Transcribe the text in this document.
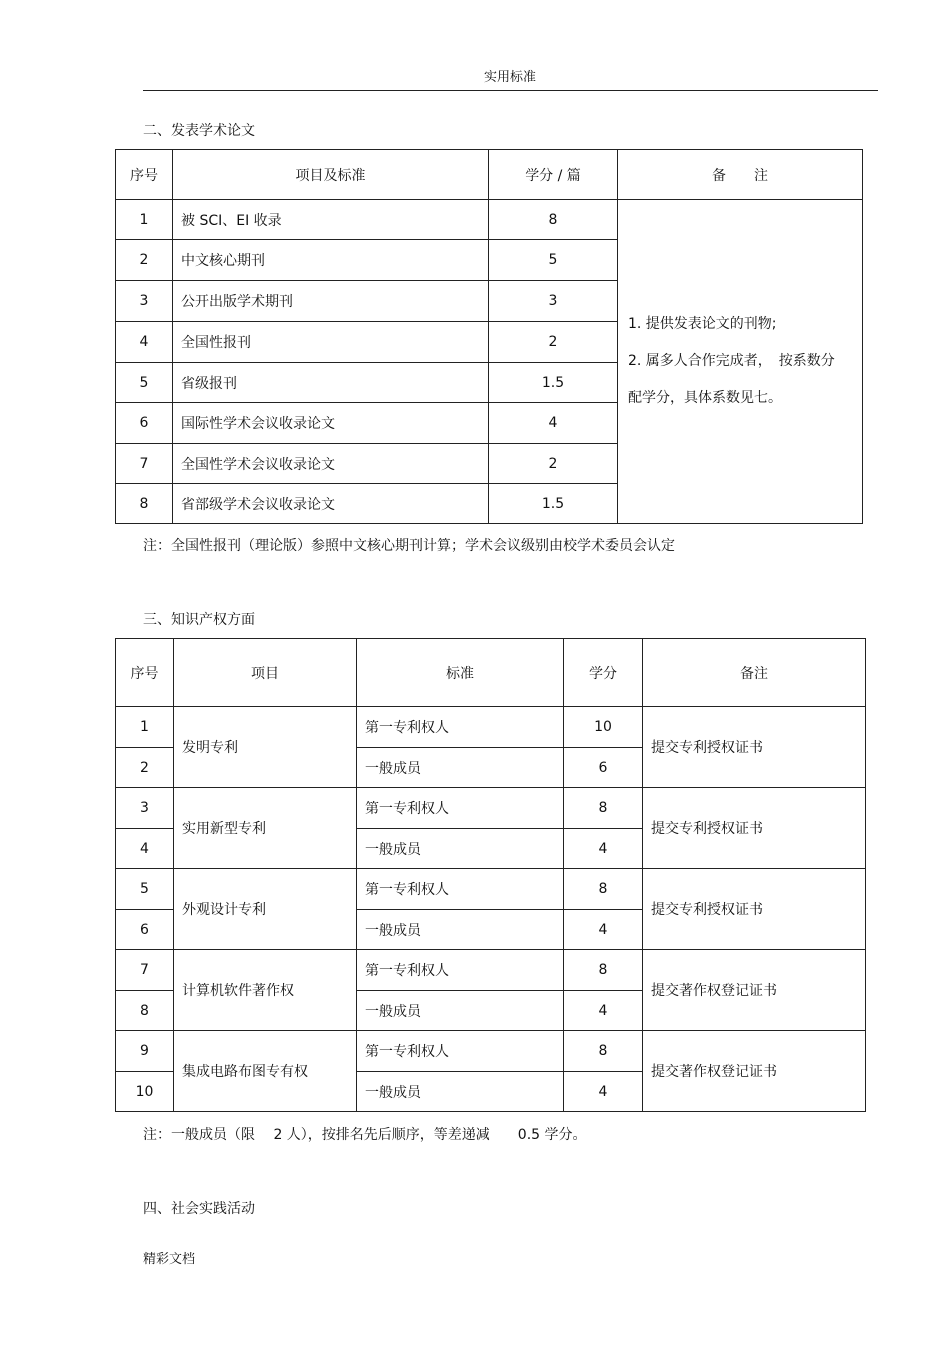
实用标准
二、发表学术论文
序号	项目及标准	学分 / 篇	备　　注
1	被 SCI、EI 收录	8	1. 提供发表论文的刊物;
2. 属多人合作完成者，　按系数分
配学分，具体系数见七。

2	中文核心期刊	5	
3	公开出版学术期刊	3	
4	全国性报刊	2	
5	省级报刊	1.5	
6	国际性学术会议收录论文	4	
7	全国性学术会议收录论文	2	
8	省部级学术会议收录论文	1.5	
注：全国性报刊（理论版）参照中文核心期刊计算；学术会议级别由校学术委员会认定
三、知识产权方面
序号	项目	标准	学分	备注
1	发明专利	第一专利权人	10	提交专利授权证书
2		一般成员	6	
3	实用新型专利	第一专利权人	8	提交专利授权证书
4		一般成员	4	
5	外观设计专利	第一专利权人	8	提交专利授权证书
6		一般成员	4	
7	计算机软件著作权	第一专利权人	8	提交著作权登记证书
8		一般成员	4	
9	集成电路布图专有权	第一专利权人	8	提交著作权登记证书
10		一般成员	4	
注：一般成员（限　 2 人），按排名先后顺序，等差递减　　0.5 学分。
四、社会实践活动
精彩文档
